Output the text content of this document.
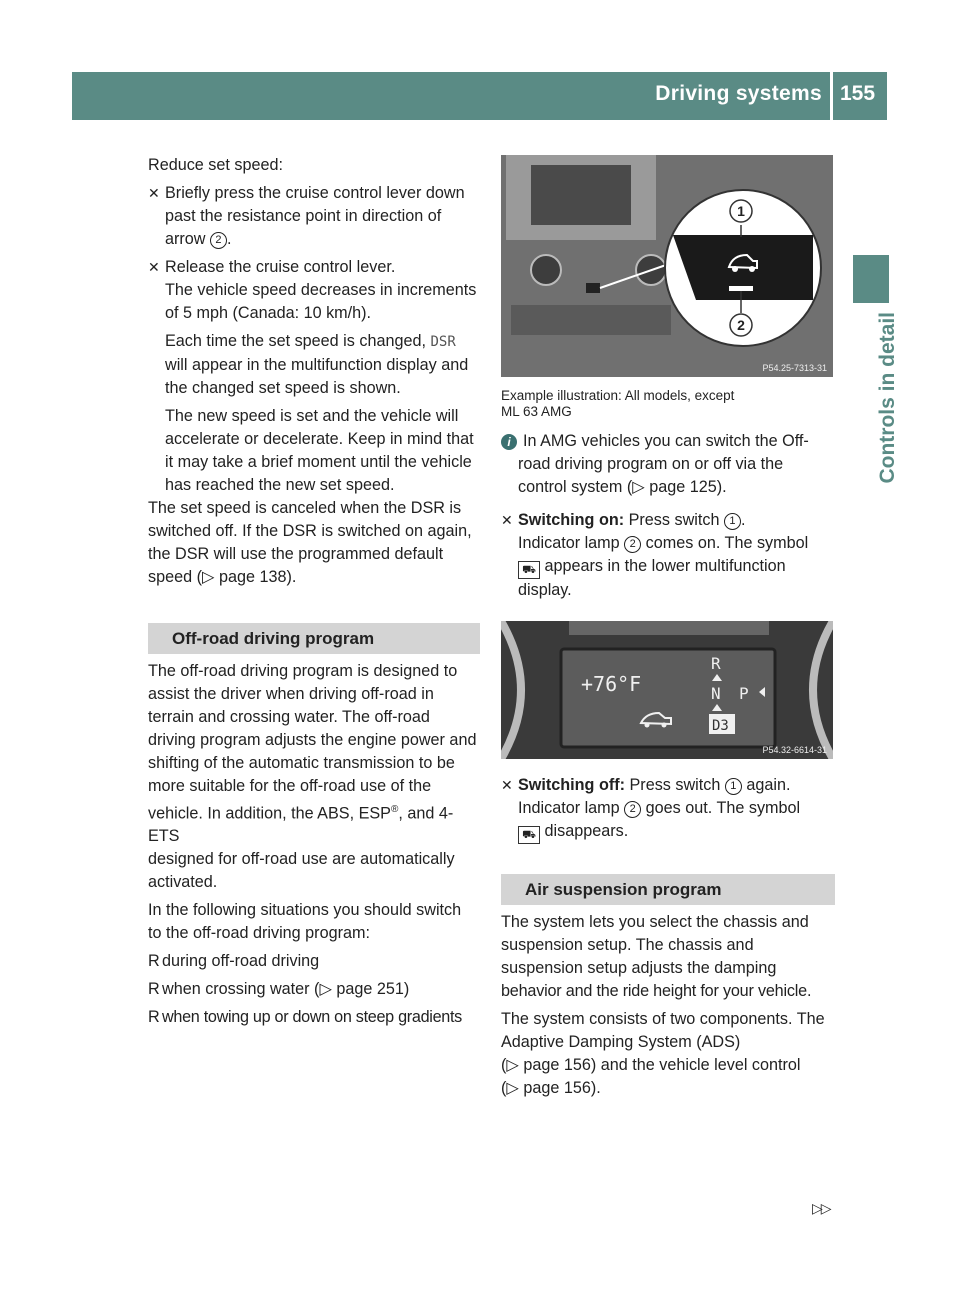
Driving systems 155
Controls in detail

Reduce set speed:

✕ Briefly press the cruise control lever down

past the resistance point in direction of

arrow 2 .

✕ Release the cruise control lever.

The vehicle speed decreases in increments

of 5 mph (Canada: 10 km/h).

Each time the set speed is changed, DSR

will appear in the multifunction display and

the changed set speed is shown.

The new speed is set and the vehicle will

accelerate or decelerate. Keep in mind that

it may take a brief moment until the vehicle

has reached the new set speed.

The set speed is canceled when the DSR is

switched off. If the DSR is switched on again,

the DSR will use the programmed default

speed (▷ page 138).

Off-road driving program

The off-road driving program is designed to

assist the driver when driving off-road in

terrain and crossing water. The off-road

driving program adjusts the engine power and

shifting of the automatic transmission to be

more suitable for the off-road use of the

vehicle. In addition, the ABS, ESP®, and 4-ETS

designed for off-road use are automatically

activated.

In the following situations you should switch

to the off-road driving program:

R during off-road driving
R when crossing water (▷ page 251)
R when towing up or down on steep gradients
1
2
P54.25-7313-31

Example illustration: All models, except

ML 63 AMG

i In AMG vehicles you can switch the Off-

road driving program on or off via the

control system (▷ page 125).

✕ Switching on: Press switch 1 .

Indicator lamp 2 comes on. The symbol

⛟ appears in the lower multifunction

display.

+76°F
R
N P
D3
P54.32-6614-31
✕ Switching off: Press switch 1 again.

Indicator lamp 2 goes out. The symbol

⛟ disappears.

Air suspension program

The system lets you select the chassis and

suspension setup. The chassis and

suspension setup adjusts the damping

behavior and the ride height for your vehicle.

The system consists of two components. The

Adaptive Damping System (ADS)

(▷ page 156) and the vehicle level control

(▷ page 156).

▷▷
